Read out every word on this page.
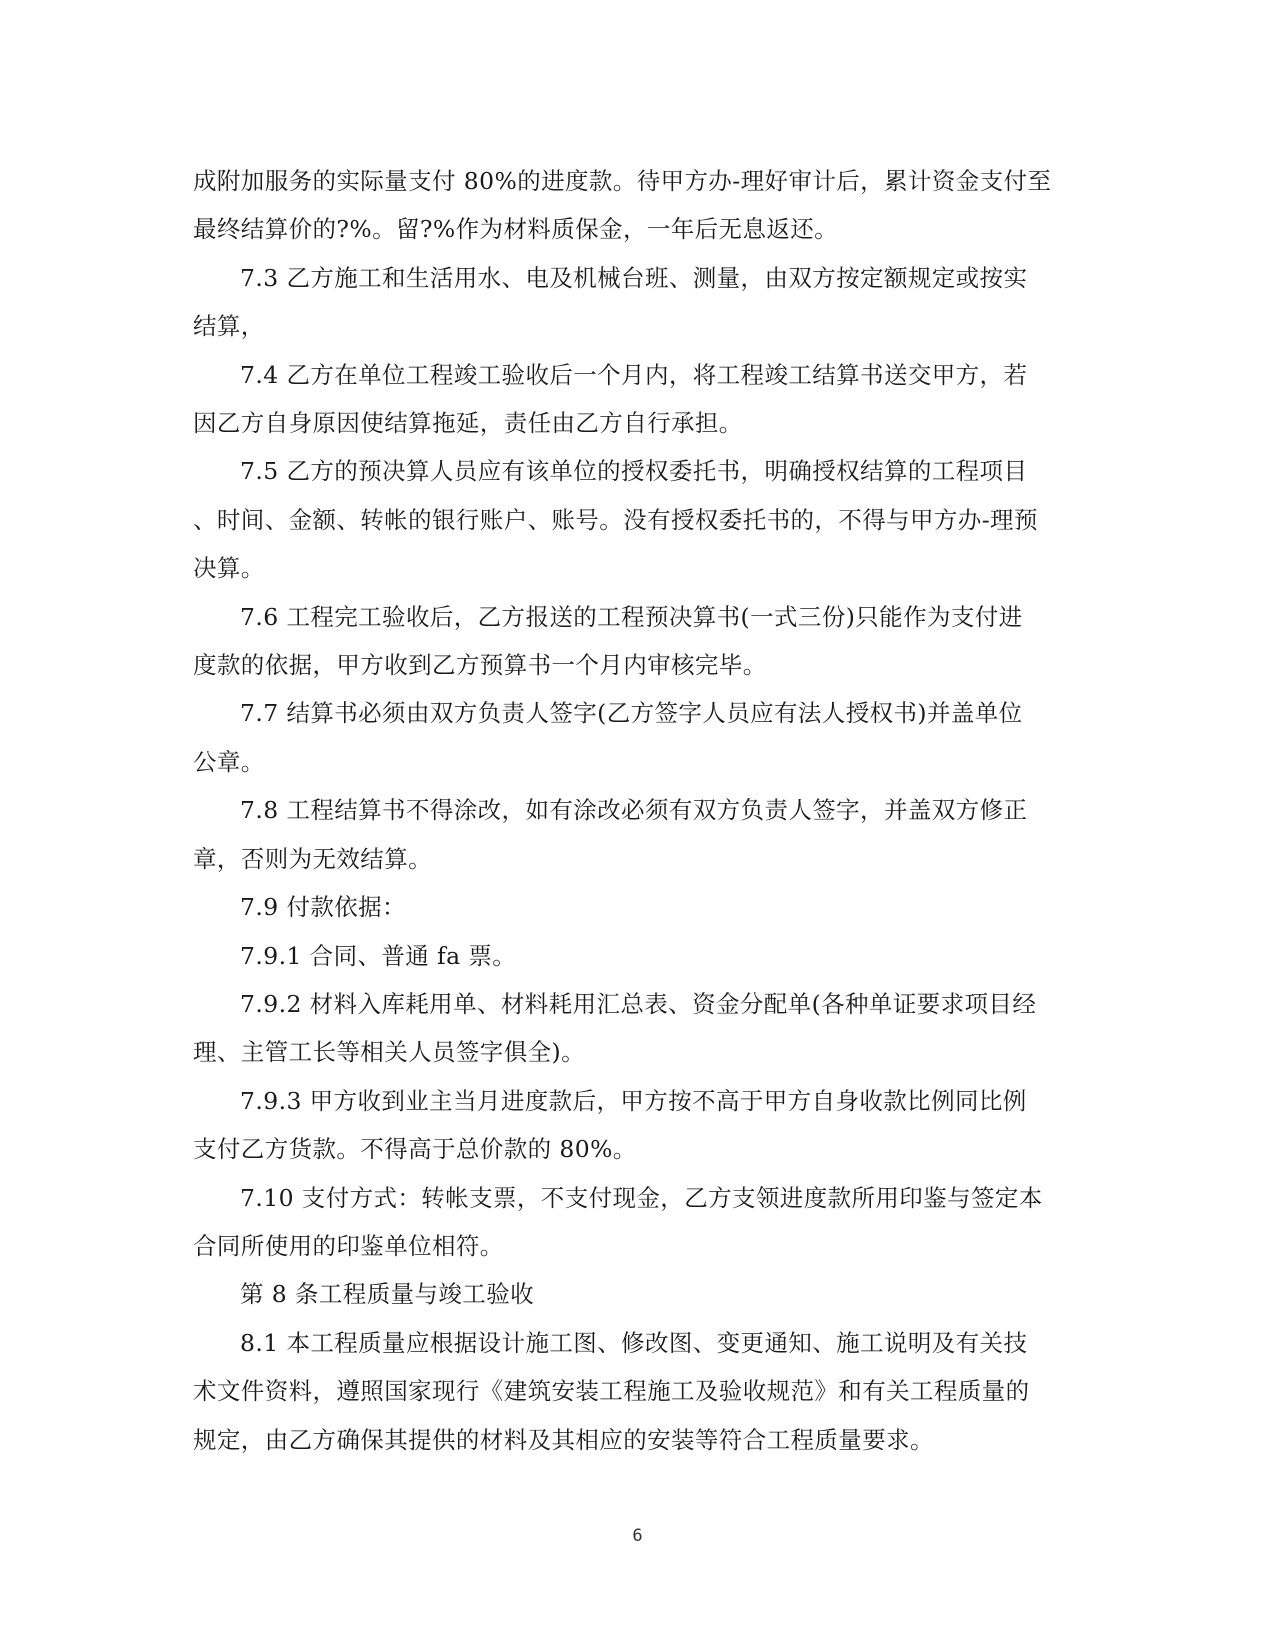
成附加服务的实际量支付 80%的进度款。待甲方办-理好审计后，累计资金支付至
最终结算价的?%。留?%作为材料质保金，一年后无息返还。

7.3 乙方施工和生活用水、电及机械台班、测量，由双方按定额规定或按实
结算，

7.4 乙方在单位工程竣工验收后一个月内，将工程竣工结算书送交甲方，若
因乙方自身原因使结算拖延，责任由乙方自行承担。

7.5 乙方的预决算人员应有该单位的授权委托书，明确授权结算的工程项目
、时间、金额、转帐的银行账户、账号。没有授权委托书的，不得与甲方办-理预
决算。

7.6 工程完工验收后，乙方报送的工程预决算书(一式三份)只能作为支付进
度款的依据，甲方收到乙方预算书一个月内审核完毕。

7.7 结算书必须由双方负责人签字(乙方签字人员应有法人授权书)并盖单位
公章。

7.8 工程结算书不得涂改，如有涂改必须有双方负责人签字，并盖双方修正
章，否则为无效结算。

7.9 付款依据：

7.9.1 合同、普通 fa 票。

7.9.2 材料入库耗用单、材料耗用汇总表、资金分配单(各种单证要求项目经
理、主管工长等相关人员签字俱全)。

7.9.3 甲方收到业主当月进度款后，甲方按不高于甲方自身收款比例同比例
支付乙方货款。不得高于总价款的 80%。

7.10 支付方式：转帐支票，不支付现金，乙方支领进度款所用印鉴与签定本
合同所使用的印鉴单位相符。

第 8 条工程质量与竣工验收

8.1 本工程质量应根据设计施工图、修改图、变更通知、施工说明及有关技
术文件资料，遵照国家现行《建筑安装工程施工及验收规范》和有关工程质量的
规定，由乙方确保其提供的材料及其相应的安装等符合工程质量要求。

6
